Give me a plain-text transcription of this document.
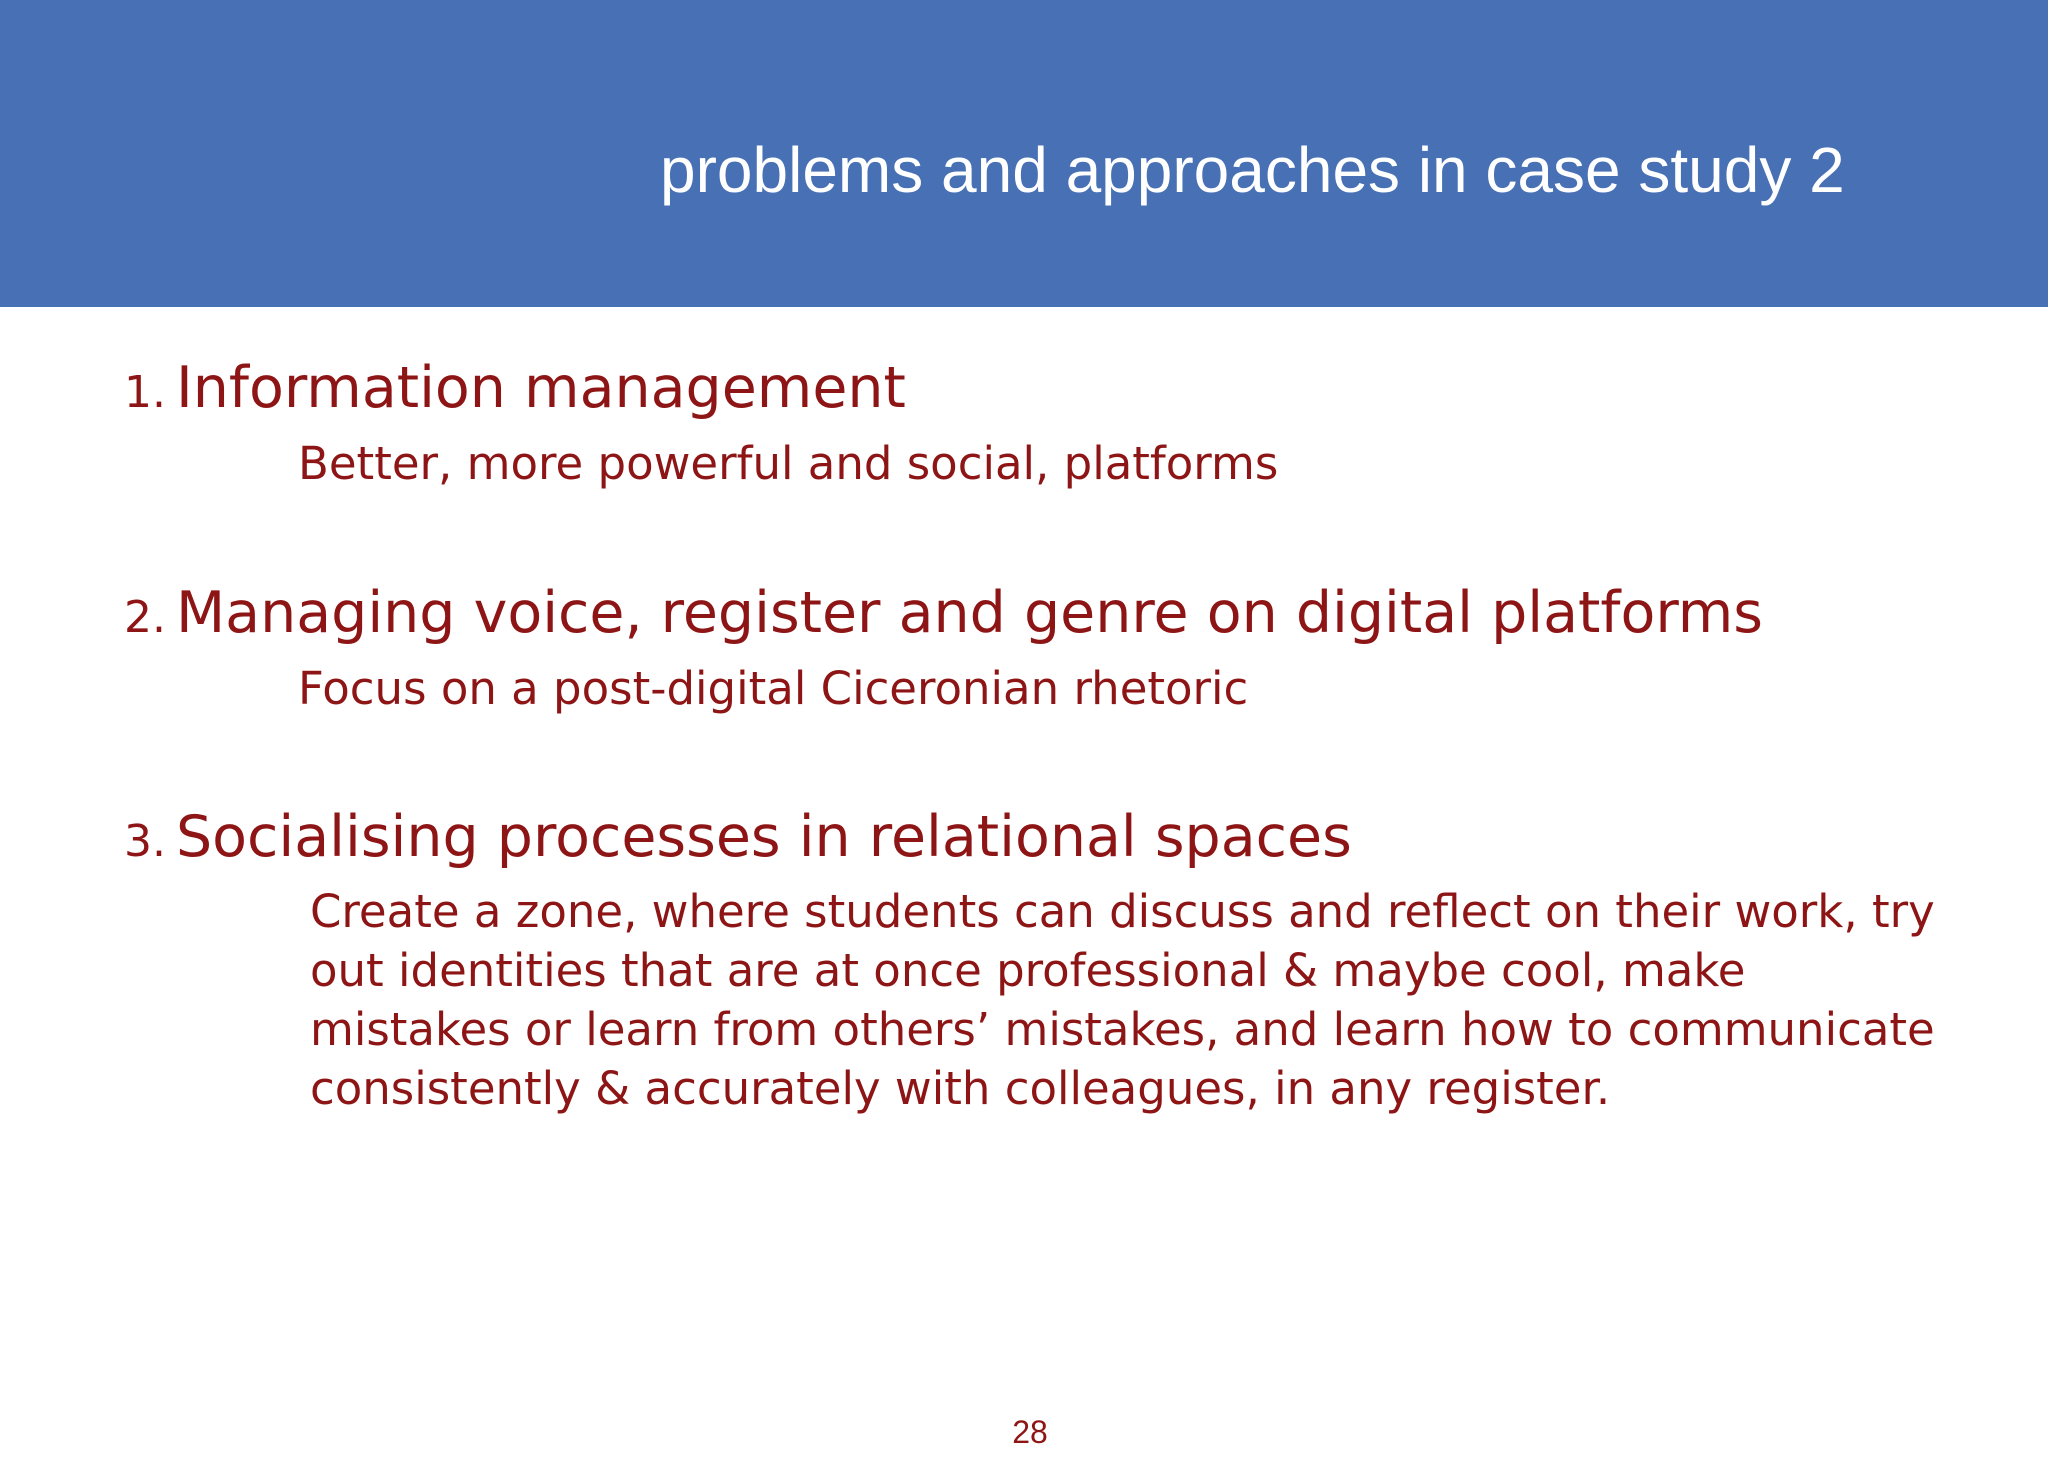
problems and approaches in case study 2
1. Information management
Better, more powerful and social, platforms
2. Managing voice, register and genre on digital platforms
Focus on a post-digital Ciceronian rhetoric
3. Socialising processes in relational spaces
Create a zone, where students can discuss and reflect on their work, try out identities that are at once professional & maybe cool, make mistakes or learn from others’ mistakes, and learn how to communicate consistently & accurately with colleagues, in any register.
28
